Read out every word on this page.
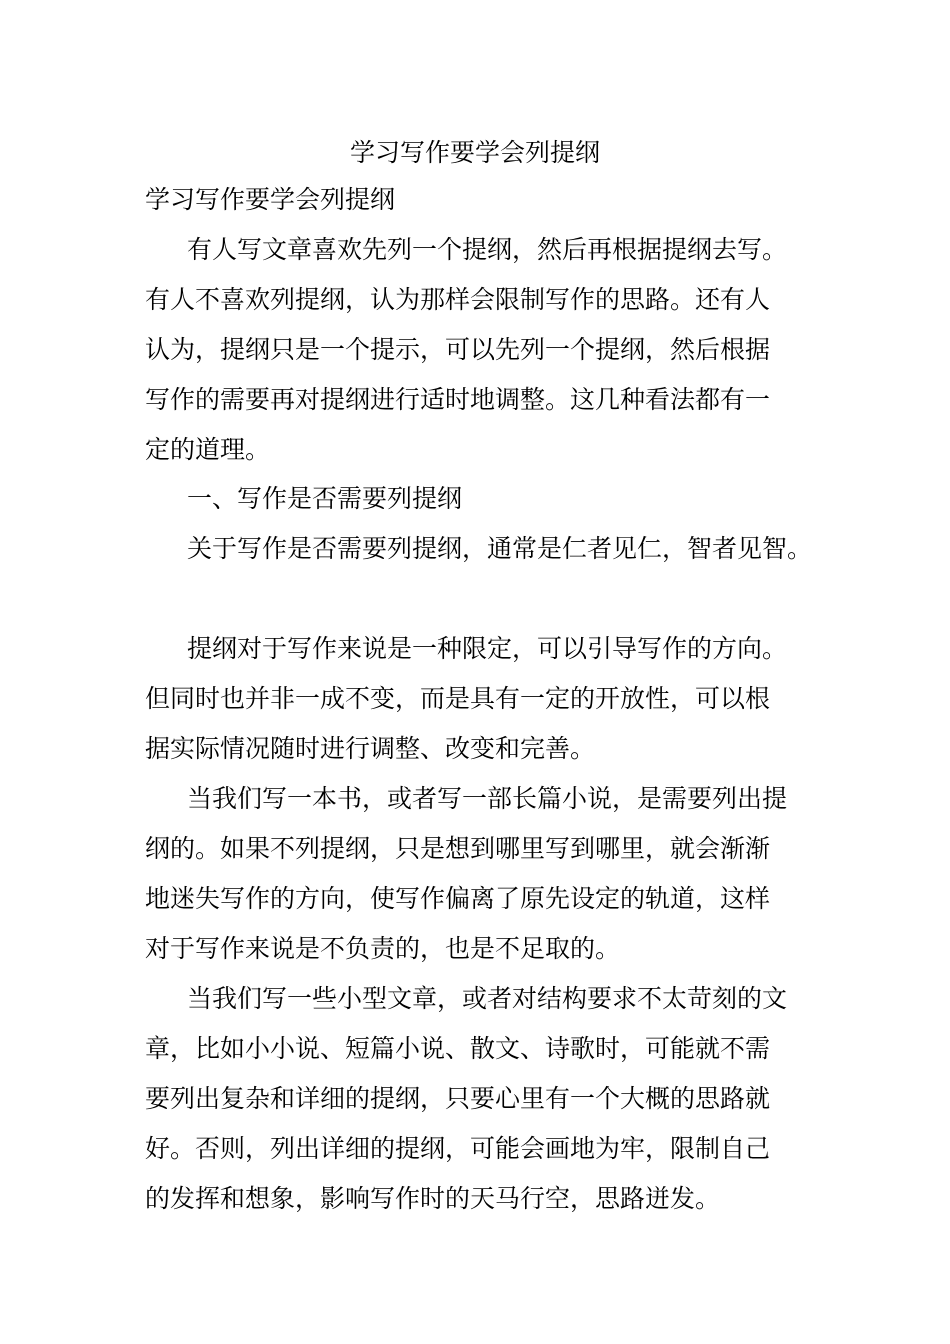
学习写作要学会列提纲
学习写作要学会列提纲

有人写文章喜欢先列一个提纲，然后再根据提纲去写。

有人不喜欢列提纲，认为那样会限制写作的思路。还有人

认为，提纲只是一个提示，可以先列一个提纲，然后根据

写作的需要再对提纲进行适时地调整。这几种看法都有一

定的道理。

一、写作是否需要列提纲

关于写作是否需要列提纲，通常是仁者见仁，智者见智。

提纲对于写作来说是一种限定，可以引导写作的方向。

但同时也并非一成不变，而是具有一定的开放性，可以根

据实际情况随时进行调整、改变和完善。

当我们写一本书，或者写一部长篇小说，是需要列出提

纲的。如果不列提纲，只是想到哪里写到哪里，就会渐渐

地迷失写作的方向，使写作偏离了原先设定的轨道，这样

对于写作来说是不负责的，也是不足取的。

当我们写一些小型文章，或者对结构要求不太苛刻的文

章，比如小小说、短篇小说、散文、诗歌时，可能就不需

要列出复杂和详细的提纲，只要心里有一个大概的思路就

好。否则，列出详细的提纲，可能会画地为牢，限制自己

的发挥和想象，影响写作时的天马行空，思路迸发。
